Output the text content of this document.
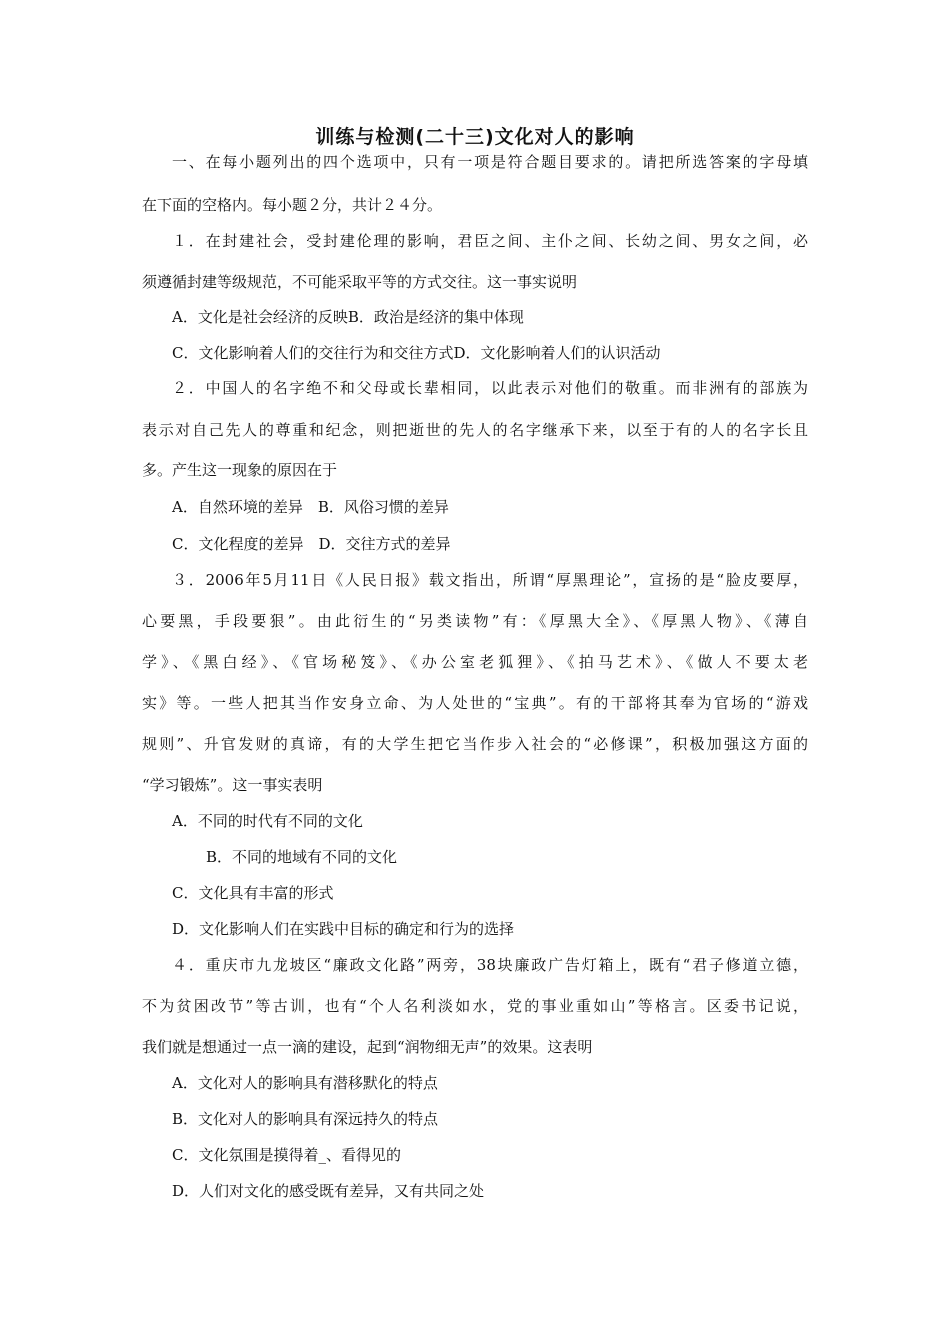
训练与检测(二十三)文化对人的影响
一、在每小题列出的四个选项中，只有一项是符合题目要求的。请把所选答案的字母填
在下面的空格内。每小题２分，共计２４分。
１．在封建社会，受封建伦理的影响，君臣之间、主仆之间、长幼之间、男女之间，必
须遵循封建等级规范，不可能采取平等的方式交往。这一事实说明
A．文化是社会经济的反映B．政治是经济的集中体现
C．文化影响着人们的交往行为和交往方式D．文化影响着人们的认识活动
２．中国人的名字绝不和父母或长辈相同，以此表示对他们的敬重。而非洲有的部族为
表示对自己先人的尊重和纪念，则把逝世的先人的名字继承下来，以至于有的人的名字长且
多。产生这一现象的原因在于
A．自然环境的差异　B．风俗习惯的差异
C．文化程度的差异　D．交往方式的差异
３．2006年5月11日《人民日报》载文指出，所谓“厚黑理论”，宣扬的是“脸皮要厚，
心要黑，手段要狠”。由此衍生的“另类读物”有：《厚黑大全》、《厚黑人物》、《薄自
学》、《黑白经》、《官场秘笈》、《办公室老狐狸》、《拍马艺术》、《做人不要太老
实》等。一些人把其当作安身立命、为人处世的“宝典”。有的干部将其奉为官场的“游戏
规则”、升官发财的真谛，有的大学生把它当作步入社会的“必修课”，积极加强这方面的
“学习锻炼”。这一事实表明
A．不同的时代有不同的文化
B．不同的地域有不同的文化
C．文化具有丰富的形式
D．文化影响人们在实践中目标的确定和行为的选择
４．重庆市九龙坡区“廉政文化路”两旁，38块廉政广告灯箱上，既有“君子修道立德，
不为贫困改节”等古训，也有“个人名利淡如水，党的事业重如山”等格言。区委书记说，
我们就是想通过一点一滴的建设，起到“润物细无声”的效果。这表明
A．文化对人的影响具有潜移默化的特点
B．文化对人的影响具有深远持久的特点
C．文化氛围是摸得着_、看得见的
D．人们对文化的感受既有差异，又有共同之处
